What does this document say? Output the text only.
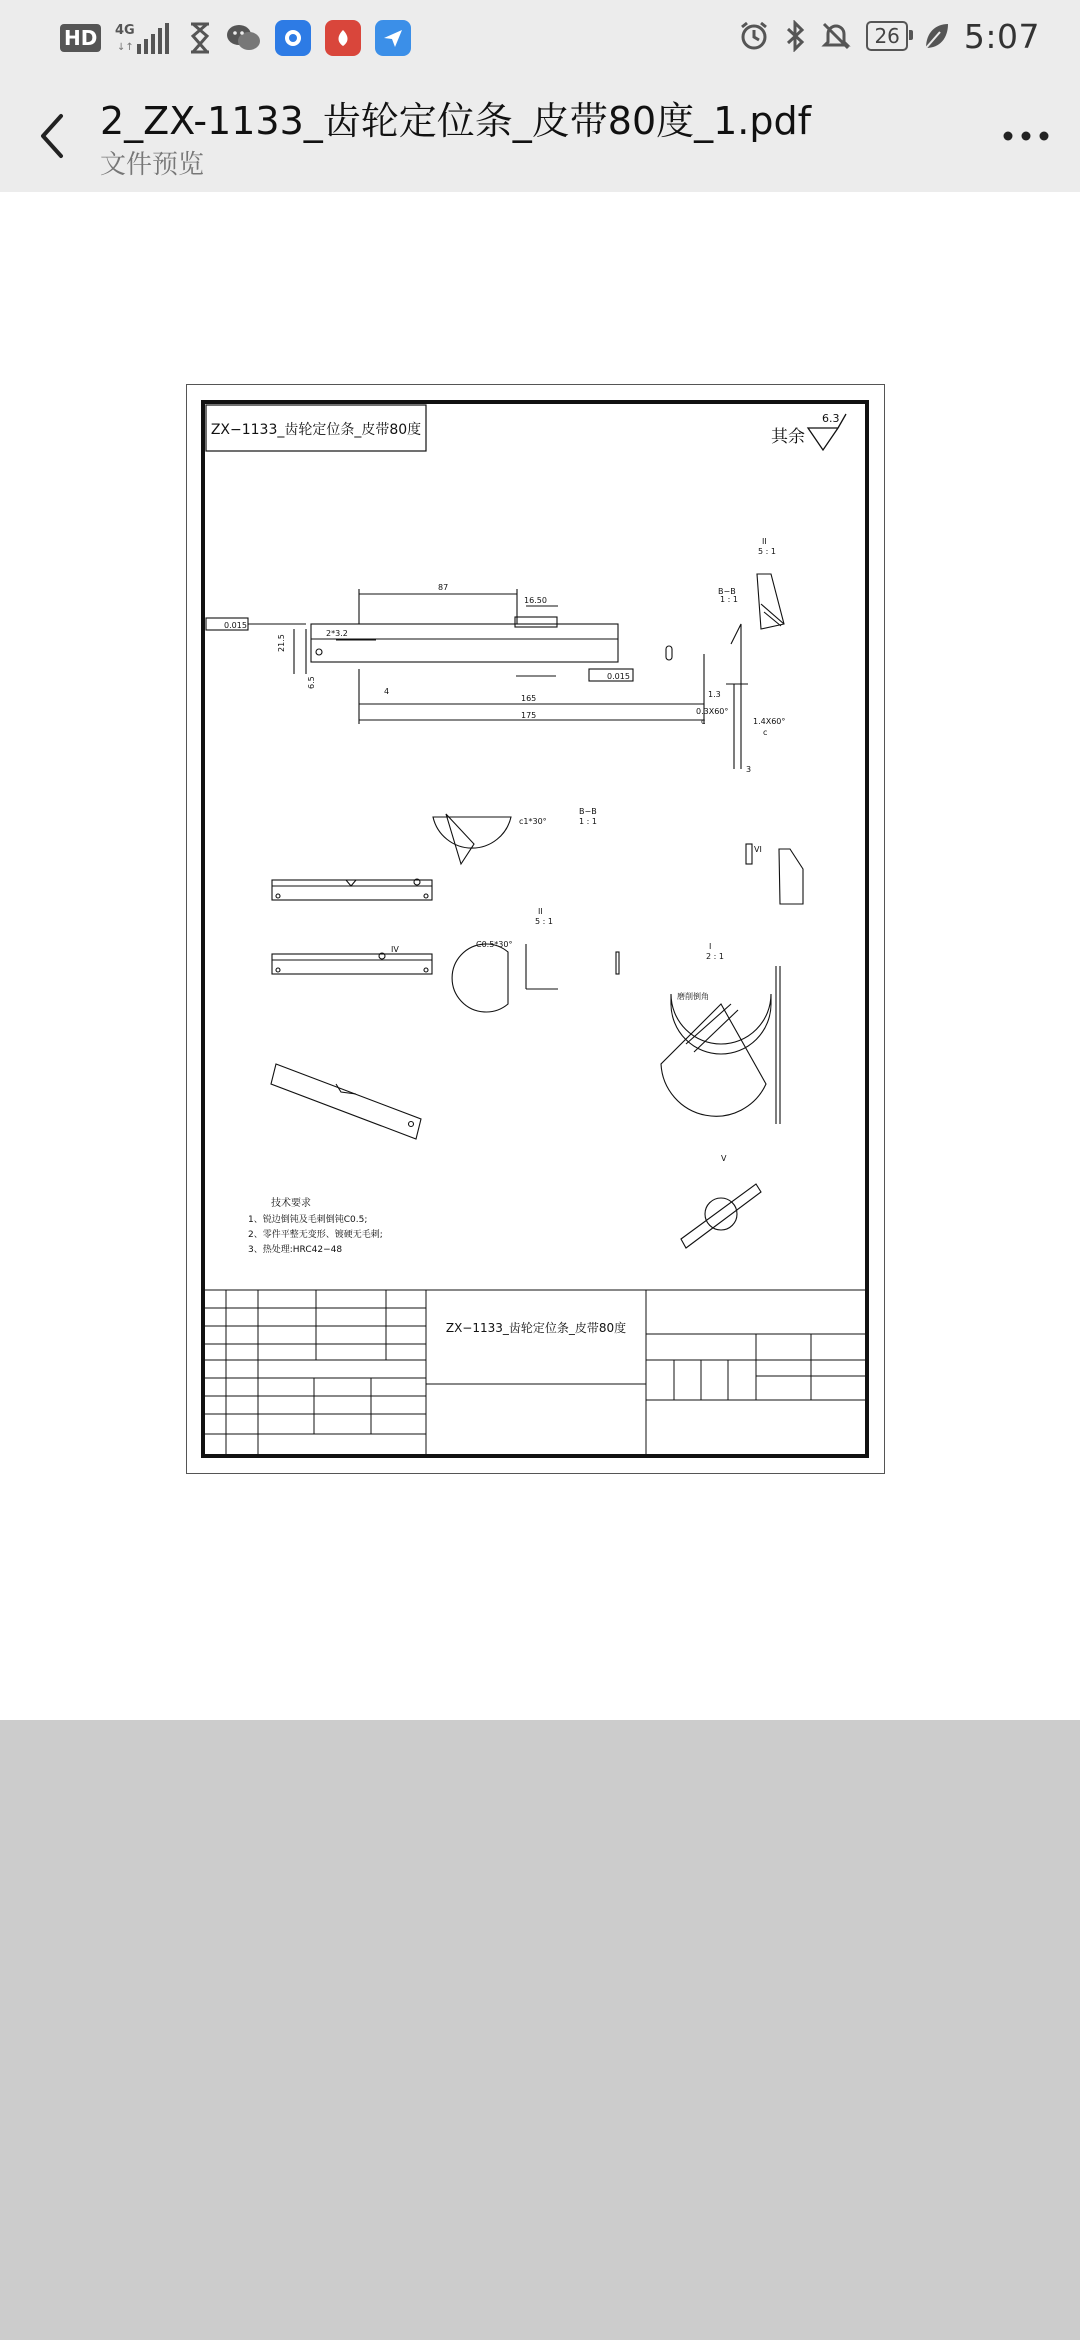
HD	4G
↓↑	26 5:07
2_ZX-1133_齿轮定位条_皮带80度_1.pdf
文件预览
ZX−1133_齿轮定位条_皮带80度	其余
6.3
87
16.50
165
175
4
2*3.2
21.5
6.5
0.015
0.015
II
5 : 1
B−B
1 : 1
1.3
0.3X60°
c	1.4X60°
c
3
c1*30°
B−B
1 : 1
C0.5*30°
II
5 : 1
IV
VI
I
2 : 1
磨削倒角
V
技术要求
1、锐边倒钝及毛刺倒钝C0.5;
2、零件平整无变形、镀硬无毛刺;
3、热处理:HRC42−48
ZX−1133_齿轮定位条_皮带80度
